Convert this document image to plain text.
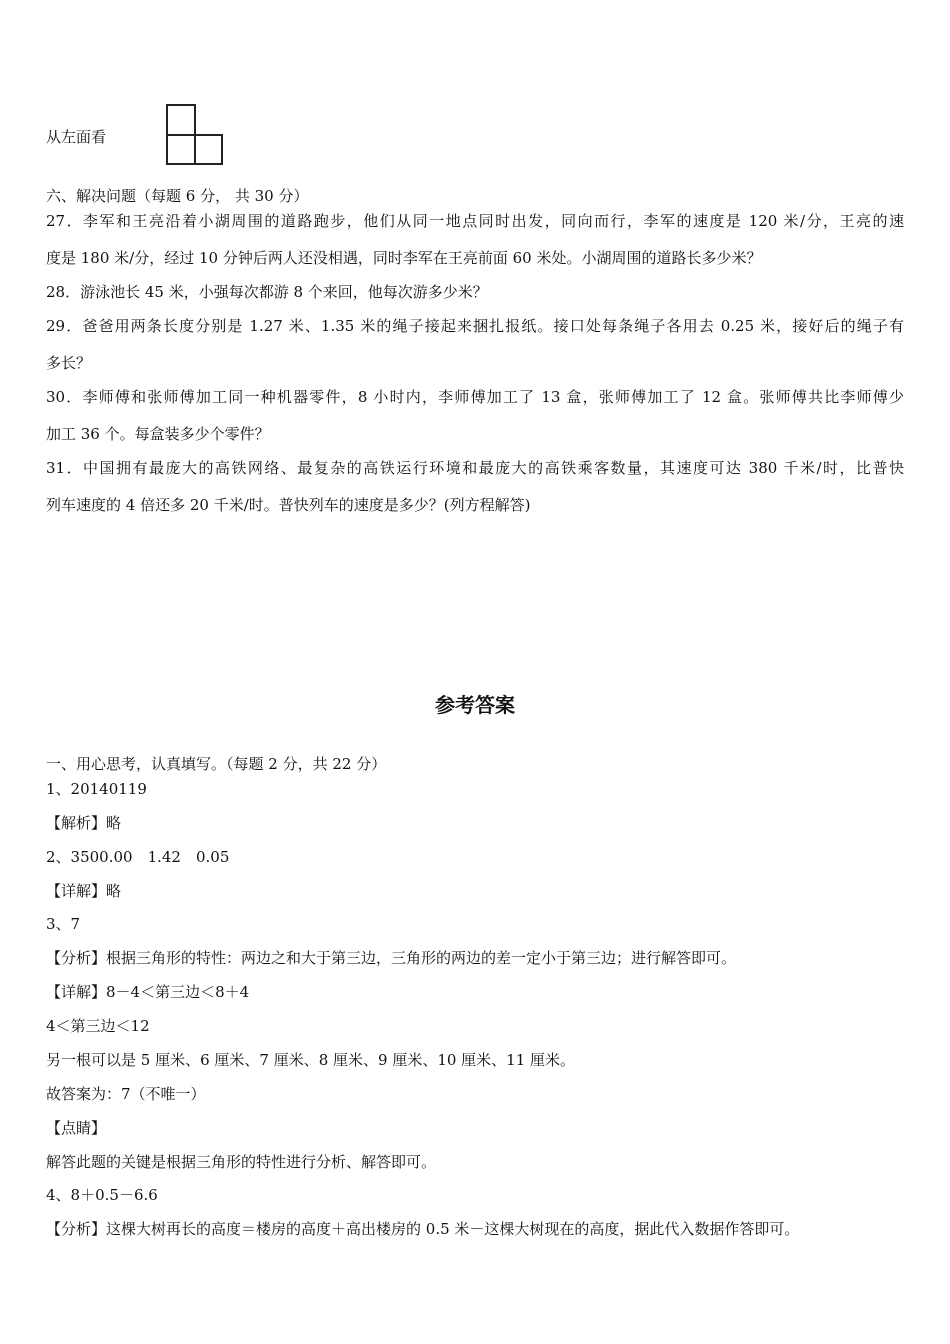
从左面看
六、解决问题（每题 6 分， 共 30 分）
27．李军和王亮沿着小湖周围的道路跑步，他们从同一地点同时出发，同向而行，李军的速度是 120 米/分，王亮的速
度是 180 米/分，经过 10 分钟后两人还没相遇，同时李军在王亮前面 60 米处。小湖周围的道路长多少米？
28．游泳池长 45 米，小强每次都游 8 个来回，他每次游多少米？
29．爸爸用两条长度分别是 1.27 米、1.35 米的绳子接起来捆扎报纸。接口处每条绳子各用去 0.25 米，接好后的绳子有
多长？
30．李师傅和张师傅加工同一种机器零件，8 小时内，李师傅加工了 13 盒，张师傅加工了 12 盒。张师傅共比李师傅少
加工 36 个。每盒装多少个零件？
31．中国拥有最庞大的高铁网络、最复杂的高铁运行环境和最庞大的高铁乘客数量，其速度可达 380 千米/时，比普快
列车速度的 4 倍还多 20 千米/时。普快列车的速度是多少？(列方程解答)
参考答案
一、用心思考，认真填写。（每题 2 分，共 22 分）
1、20140119
【解析】略
2、3500.00　1.42　0.05
【详解】略
3、7
【分析】根据三角形的特性：两边之和大于第三边，三角形的两边的差一定小于第三边；进行解答即可。
【详解】8－4＜第三边＜8＋4
4＜第三边＜12
另一根可以是 5 厘米、6 厘米、7 厘米、8 厘米、9 厘米、10 厘米、11 厘米。
故答案为：7（不唯一）
【点睛】
解答此题的关键是根据三角形的特性进行分析、解答即可。
4、8＋0.5－6.6
【分析】这棵大树再长的高度＝楼房的高度＋高出楼房的 0.5 米－这棵大树现在的高度，据此代入数据作答即可。
